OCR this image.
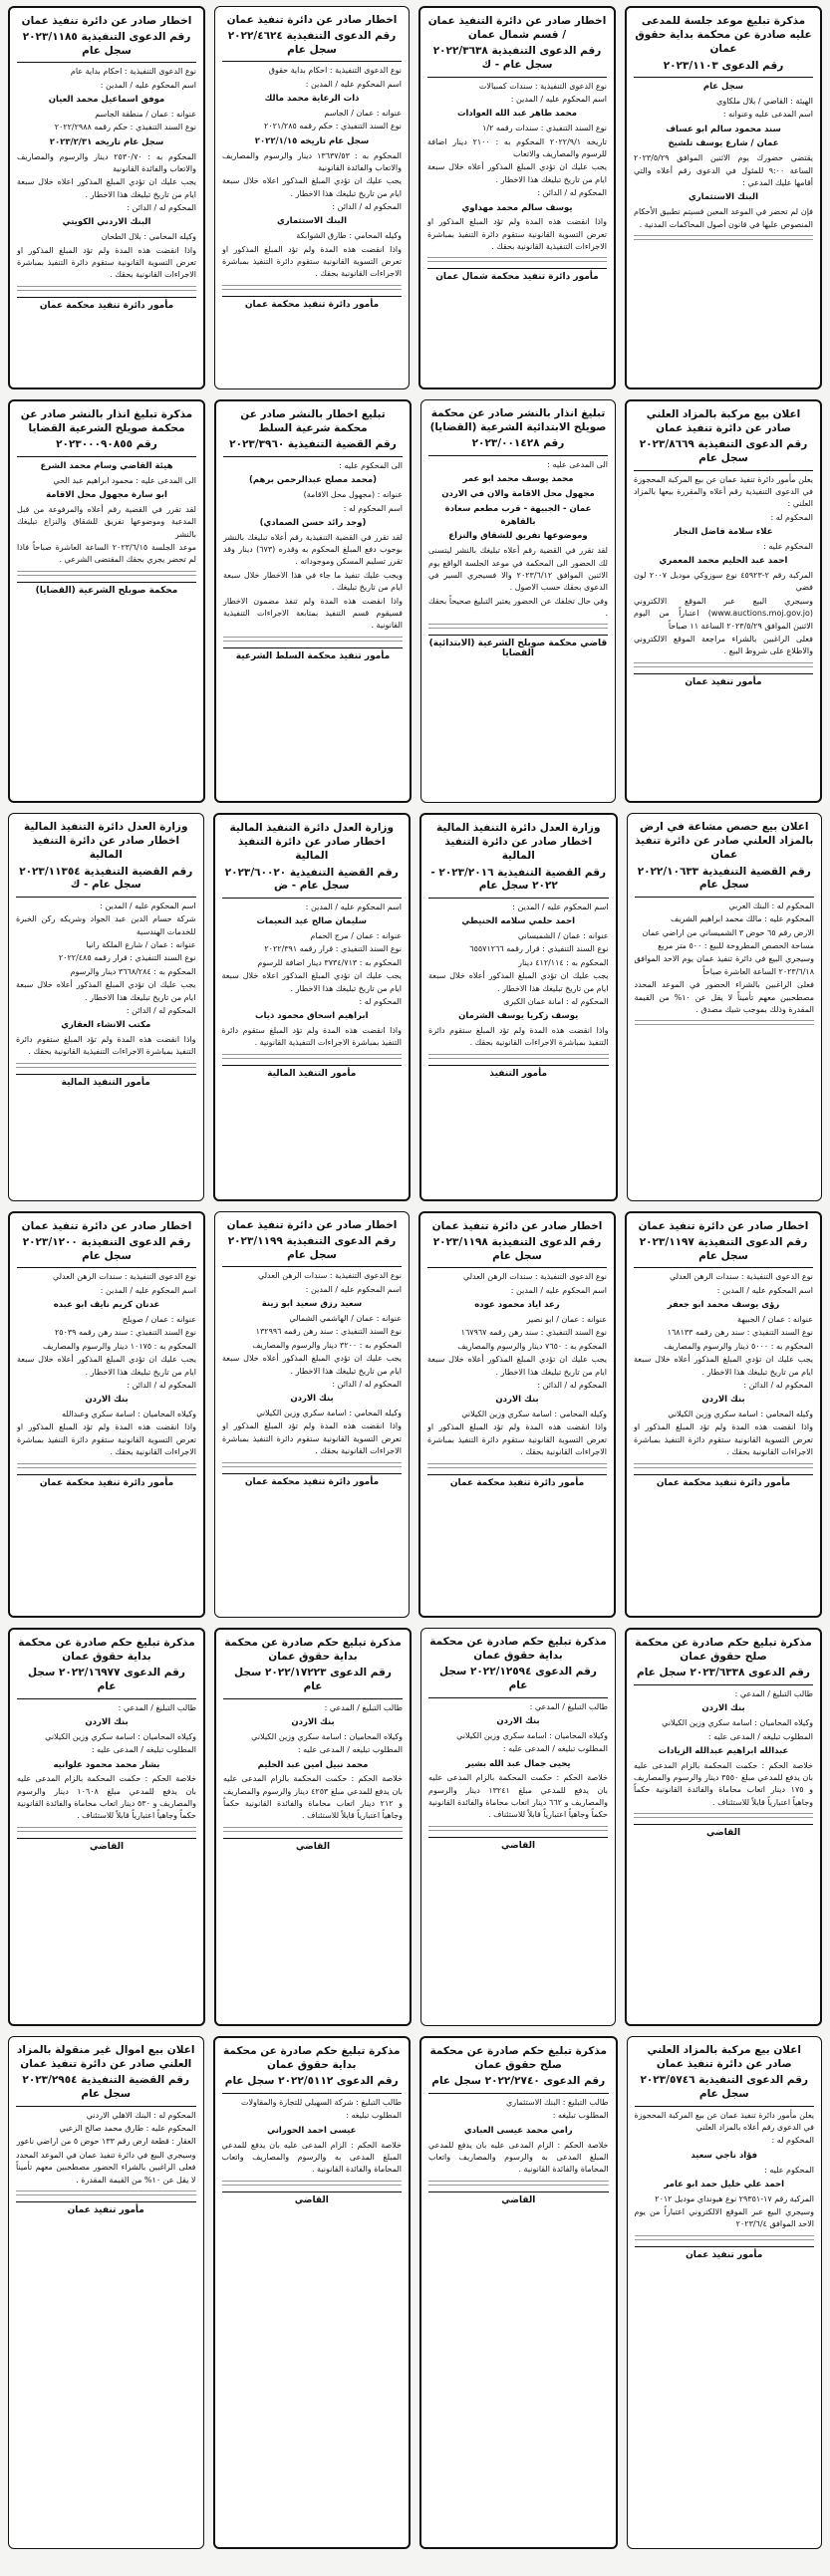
مذكرة تبليغ موعد جلسة للمدعى عليه صادرة عن محكمة بداية حقوق عمان
رقم الدعوى ٢٠٢٣/١١٠٣
سجل عام
الهيئة : القاضي / بلال ملكاوي
اسم المدعى عليه وعنوانه :
سند محمود سالم ابو عساف
عمان / شارع يوسف تلشيخ
يقتضي حضورك يوم الاثنين الموافق ٢٠٢٣/٥/٢٩ الساعة ٩:٠٠ للمثول في الدعوى رقم أعلاه والتي أقامها عليك المدعي :
البنك الاستثماري
فإن لم تحضر في الموعد المعين فسيتم تطبيق الأحكام المنصوص عليها في قانون أصول المحاكمات المدنية .
اخطار صادر عن دائرة التنفيذ عمان / قسم شمال عمان
رقم الدعوى التنفيذية ٢٠٢٢/٣٦٣٨ سجل عام - ك
نوع الدعوى التنفيذية : سندات كمبيالات
اسم المحكوم عليه / المدين :
محمد طاهر عبد الله العوادات
نوع السند التنفيذي : سندات رقمه ١/٢
تاريخه ٢٠٢٢/٩/١ المحكوم به : ٢١٠٠ دينار اضافة للرسوم والمصاريف والاتعاب
يجب عليك ان تؤدي المبلغ المذكور أعلاه خلال سبعة ايام من تاريخ تبليغك هذا الاخطار .
المحكوم له / الدائن :
يوسف سالم محمد مهداوي
واذا انقضت هذه المدة ولم تؤد المبلغ المذكور او تعرض التسوية القانونية ستقوم دائرة التنفيذ بمباشرة الاجراءات التنفيذية القانونية بحقك .
مأمور دائرة تنفيذ محكمة شمال عمان
اخطار صادر عن دائرة تنفيذ عمان
رقم الدعوى التنفيذية ٢٠٢٢/٤٦٢٤ سجل عام
نوع الدعوى التنفيذية : احكام بداية حقوق
اسم المحكوم عليه / المدين :
ذات الرعاية محمد مالك
عنوانه : عمان / الجاسم
نوع السند التنفيذي : حكم رقمه ٢٠٢١/٢٨٥
سجل عام تاريخه ٢٠٢٢/١/١٥
المحكوم به : ١٣٦٣٧/٥٣ دينار والرسوم والمصاريف والاتعاب والفائدة القانونية
يجب عليك ان تؤدي المبلغ المذكور اعلاه خلال سبعة ايام من تاريخ تبليغك هذا الاخطار .
المحكوم له / الدائن :
البنك الاستثماري
وكيله المحامي : طارق الشوابكة
واذا انقضت هذه المدة ولم تؤد المبلغ المذكور او تعرض التسوية القانونية ستقوم دائرة التنفيذ بمباشرة الاجراءات القانونية بحقك .
مأمور دائرة تنفيذ محكمة عمان
اخطار صادر عن دائرة تنفيذ عمان
رقم الدعوى التنفيذية ٢٠٢٣/١١٨٥ سجل عام
نوع الدعوى التنفيذية : احكام بداية عام
اسم المحكوم عليه / المدين :
موفق اسماعيل محمد العيان
عنوانه : عمان / منطقة الجاسم
نوع السند التنفيذي : حكم رقمه ٢٠٢٢/٢٩٨٨
سجل عام تاريخه ٢٠٢٣/٢/٣١
المحكوم به : ٢٥٣٠/٧٠ دينار والرسوم والمصاريف والاتعاب والفائدة القانونية
يجب عليك ان تؤدي المبلغ المذكور اعلاه خلال سبعة ايام من تاريخ تبليغك هذا الاخطار .
المحكوم له / الدائن :
البنك الاردني الكويتي
وكيله المحامي : بلال الطحان
واذا انقضت هذه المدة ولم تؤد المبلغ المذكور او تعرض التسوية القانونية ستقوم دائرة التنفيذ بمباشرة الاجراءات القانونية بحقك .
مأمور دائرة تنفيذ محكمة عمان
اعلان بيع مركبة بالمزاد العلني صادر عن دائرة تنفيذ عمان
رقم الدعوى التنفيذية ٢٠٢٣/٨٦٦٩ سجل عام
يعلن مأمور دائرة تنفيذ عمان عن بيع المركبة المحجوزة في الدعوى التنفيذية رقم أعلاه والمقررة بيعها بالمزاد العلني :
المحكوم له :
علاء سلامة فاضل النجار
المحكوم عليه :
احمد عبد الحليم محمد المعمري
المركبة رقم ٢-٤٥٩٢٣ نوع سوزوكي موديل ٢٠٠٧ لون فضي
وسيجري البيع عبر الموقع الالكتروني (www.auctions.moj.gov.jo) اعتباراً من اليوم الاثنين الموافق ٢٠٢٣/٥/٢٩ الساعة ١١ صباحاً
فعلى الراغبين بالشراء مراجعة الموقع الالكتروني والاطلاع على شروط البيع .
مأمور تنفيذ عمان
تبليغ انذار بالنشر صادر عن محكمة صويلح الابتدائية الشرعية (القضايا)
رقم ٢٠٢٣/٠٠١٤٢٨
الى المدعى عليه :
محمد يوسف محمد ابو عمر
مجهول محل الاقامة والان في الاردن
عمان - الجبيهة - قرب مطعم سعادة بالقاهرة
وموضوعها تفريق للشقاق والنزاع
لقد تقرر في القضية رقم أعلاه تبليغك بالنشر ليتسنى لك الحضور الى المحكمة في موعد الجلسة الواقع يوم الاثنين الموافق ٢٠٢٣/٦/١٢ والا فسيجري السير في الدعوى بحقك حسب الاصول .
وفي حال تخلفك عن الحضور يعتبر التبليغ صحيحاً بحقك .
قاضي محكمة صويلح الشرعية (الابتدائية) القضايا
تبليغ اخطار بالنشر صادر عن محكمة شرعية السلط
رقم القضية التنفيذية ٢٠٢٣/٣٩٦٠
الى المحكوم عليه :
(محمد مصلح عبدالرحمن برهم)
عنوانه : (مجهول محل الاقامة)
اسم المحكوم له :
(وجد رائد حسن الصمادي)
لقد تقرر في القضية التنفيذية رقم أعلاه تبليغك بالنشر بوجوب دفع المبلغ المحكوم به وقدره (٦٧٣) دينار وقد تقرر تسليم المسكن وموجوداته .
ويجب عليك تنفيذ ما جاء في هذا الاخطار خلال سبعة ايام من تاريخ تبليغك .
واذا انقضت هذه المدة ولم تنفذ مضمون الاخطار فسيقوم قسم التنفيذ بمتابعة الاجراءات التنفيذية القانونية .
مأمور تنفيذ محكمة السلط الشرعية
مذكرة تبليغ انذار بالنشر صادر عن محكمة صويلح الشرعية القضايا
رقم ٢٠٢٣٠٠٠٩٠٨٥٥
هيئة القاضي وسام محمد الشرع
الى المدعى عليه : محمود ابراهيم عبد الحي
ابو سارة مجهول محل الاقامة
لقد تقرر في القضية رقم أعلاه والمرفوعة من قبل المدعية وموضوعها تفريق للشقاق والنزاع تبليغك بالنشر
موعد الجلسة ٢٠٢٣/٦/١٥ الساعة العاشرة صباحاً فاذا لم تحضر يجري بحقك المقتضى الشرعي .
محكمة صويلح الشرعية (القضايا)
اعلان بيع حصص مشاعة في ارض بالمزاد العلني صادر عن دائرة تنفيذ عمان
رقم القضية التنفيذية ٢٠٢٢/١٠٦٣٣ سجل عام
المحكوم له : البنك العربي
المحكوم عليه : مالك محمد ابراهيم الشريف
الارض رقم ٦٥ حوض ٣ الشميساني من اراضي عمان
مساحة الحصص المطروحة للبيع : ٥٠٠ متر مربع
وسيجري البيع في دائرة تنفيذ عمان يوم الاحد الموافق ٢٠٢٣/٦/١٨ الساعة العاشرة صباحاً
فعلى الراغبين بالشراء الحضور في الموعد المحدد مصطحبين معهم تأميناً لا يقل عن ١٠% من القيمة المقدرة وذلك بموجب شيك مصدق .
وزارة العدل دائرة التنفيذ المالية اخطار صادر عن دائرة التنفيذ المالية
رقم القضية التنفيذية ٢٠٢٣/٢٠١٦ - ٢٠٢٢ سجل عام
اسم المحكوم عليه / المدين :
احمد حلمي سلامه الحنيطي
عنوانه : عمان / الشميساني
نوع السند التنفيذي : قرار رقمه ٦٥٥٧١٢٦٦
المحكوم به : ٤١٢/١١٤ دينار
يجب عليك ان تؤدي المبلغ المذكور أعلاه خلال سبعة ايام من تاريخ تبليغك هذا الاخطار .
المحكوم له : امانة عمان الكبرى
يوسف زكريا يوسف الشرمان
واذا انقضت هذه المدة ولم تؤد المبلغ ستقوم دائرة التنفيذ بمباشرة الاجراءات القانونية بحقك .
مأمور التنفيذ
وزارة العدل دائرة التنفيذ المالية اخطار صادر عن دائرة التنفيذ المالية
رقم القضية التنفيذية ٢٠٢٣/٦٠٠٢٠ سجل عام - ض
اسم المحكوم عليه / المدين :
سليمان صالح عيد النعيمات
عنوانه : عمان / مرج الحمام
نوع السند التنفيذي : قرار رقمه ٢٠٢٢/٣٩١
المحكوم به : ٣٧٣٤/٧١٣ دينار اضافة للرسوم
يجب عليك ان تؤدي المبلغ المذكور اعلاه خلال سبعة ايام من تاريخ تبليغك هذا الاخطار .
المحكوم له :
ابراهيم اسحاق محمود ذياب
واذا انقضت هذه المدة ولم تؤد المبلغ ستقوم دائرة التنفيذ بمباشرة الاجراءات التنفيذية القانونية .
مأمور التنفيذ المالية
وزارة العدل دائرة التنفيذ المالية اخطار صادر عن دائرة التنفيذ المالية
رقم القضية التنفيذية ٢٠٢٣/١١٣٥٤ سجل عام - ك
اسم المحكوم عليه / المدين :
شركة حسام الدين عبد الجواد وشريكه ركن الخبرة للخدمات الهندسية
عنوانه : عمان / شارع الملكة رانيا
نوع السند التنفيذي : قرار رقمه ٢٠٢٢/٤٨٥
المحكوم به : ٣٦٦٨/٢٨٤ دينار والرسوم
يجب عليك ان تؤدي المبلغ المذكور أعلاه خلال سبعة ايام من تاريخ تبليغك هذا الاخطار .
المحكوم له / الدائن :
مكتب الانشاء العقاري
واذا انقضت هذه المدة ولم تؤد المبلغ ستقوم دائرة التنفيذ بمباشرة الاجراءات التنفيذية القانونية بحقك .
مأمور التنفيذ المالية
اخطار صادر عن دائرة تنفيذ عمان
رقم الدعوى التنفيذية ٢٠٢٣/١١٩٧ سجل عام
نوع الدعوى التنفيذية : سندات الرهن العدلي
اسم المحكوم عليه / المدين :
رؤى يوسف محمد ابو جعفر
عنوانه : عمان / الجبيهة
نوع السند التنفيذي : سند رهن رقمه ١٦٨١٣٣
المحكوم به : ٥٠٠٠ دينار والرسوم والمصاريف
يجب عليك ان تؤدي المبلغ المذكور أعلاه خلال سبعة ايام من تاريخ تبليغك هذا الاخطار .
المحكوم له / الدائن :
بنك الاردن
وكيله المحامي : اسامة سكري وزين الكيلاني
واذا انقضت هذه المدة ولم تؤد المبلغ المذكور او تعرض التسوية القانونية ستقوم دائرة التنفيذ بمباشرة الاجراءات القانونية بحقك .
مأمور دائرة تنفيذ محكمة عمان
اخطار صادر عن دائرة تنفيذ عمان
رقم الدعوى التنفيذية ٢٠٢٣/١١٩٨ سجل عام
نوع الدعوى التنفيذية : سندات الرهن العدلي
اسم المحكوم عليه / المدين :
رعد اياد محمود عوده
عنوانه : عمان / ابو نصير
نوع السند التنفيذي : سند رهن رقمه ١٦٧٩٦٧
المحكوم به : ٧٦٥٠ دينار والرسوم والمصاريف
يجب عليك ان تؤدي المبلغ المذكور أعلاه خلال سبعة ايام من تاريخ تبليغك هذا الاخطار .
المحكوم له / الدائن :
بنك الاردن
وكيله المحامي : اسامة سكري وزين الكيلاني
واذا انقضت هذه المدة ولم تؤد المبلغ المذكور او تعرض التسوية القانونية ستقوم دائرة التنفيذ بمباشرة الاجراءات القانونية بحقك .
مأمور دائرة تنفيذ محكمة عمان
اخطار صادر عن دائرة تنفيذ عمان
رقم الدعوى التنفيذية ٢٠٢٣/١١٩٩ سجل عام
نوع الدعوى التنفيذية : سندات الرهن العدلي
اسم المحكوم عليه / المدين :
سعيد رزق سعيد ابو زينة
عنوانه : عمان / الهاشمي الشمالي
نوع السند التنفيذي : سند رهن رقمه ١٣٢٩٩٦
المحكوم به : ٣٢٠٠ دينار والرسوم والمصاريف
يجب عليك ان تؤدي المبلغ المذكور أعلاه خلال سبعة ايام من تاريخ تبليغك هذا الاخطار .
المحكوم له / الدائن :
بنك الاردن
وكيله المحامي : اسامة سكري وزين الكيلاني
واذا انقضت هذه المدة ولم تؤد المبلغ المذكور او تعرض التسوية القانونية ستقوم دائرة التنفيذ بمباشرة الاجراءات القانونية بحقك .
مأمور دائرة تنفيذ محكمة عمان
اخطار صادر عن دائرة تنفيذ عمان
رقم الدعوى التنفيذية ٢٠٢٣/١٢٠٠ سجل عام
نوع الدعوى التنفيذية : سندات الرهن العدلي
اسم المحكوم عليه / المدين :
عدنان كريم نايف ابو عبده
عنوانه : عمان / صويلح
نوع السند التنفيذي : سند رهن رقمه ٢٥٠٣٩
المحكوم به : ١٠١٧٥ دينار والرسوم والمصاريف
يجب عليك ان تؤدي المبلغ المذكور أعلاه خلال سبعة ايام من تاريخ تبليغك هذا الاخطار .
المحكوم له / الدائن :
بنك الاردن
وكيلاه المحاميان : اسامة سكري وعبدالله
واذا انقضت هذه المدة ولم تؤد المبلغ المذكور او تعرض التسوية القانونية ستقوم دائرة التنفيذ بمباشرة الاجراءات القانونية بحقك .
مأمور دائرة تنفيذ محكمة عمان
مذكرة تبليغ حكم صادرة عن محكمة صلح حقوق عمان
رقم الدعوى ٢٠٢٣/٦٣٣٨ سجل عام
طالب التبليغ / المدعي :
بنك الاردن
وكيلاه المحاميان : اسامة سكري وزين الكيلاني
المطلوب تبليغه / المدعى عليه :
عبدالله ابراهيم عبدالله الزيادات
خلاصة الحكم : حكمت المحكمة بالزام المدعى عليه بان يدفع للمدعي مبلغ ٣٥٥٠ دينار والرسوم والمصاريف و ١٧٥ دينار اتعاب محاماة والفائدة القانونية حكماً وجاهياً اعتبارياً قابلاً للاستئناف .
القاضي
مذكرة تبليغ حكم صادرة عن محكمة بداية حقوق عمان
رقم الدعوى ٢٠٢٢/١٢٥٩٤ سجل عام
طالب التبليغ / المدعي :
بنك الاردن
وكيلاه المحاميان : اسامة سكري وزين الكيلاني
المطلوب تبليغه / المدعى عليه :
يحيى جمال عبد الله بشير
خلاصة الحكم : حكمت المحكمة بالزام المدعى عليه بان يدفع للمدعي مبلغ ١٣٢٤١ دينار والرسوم والمصاريف و ٦٦٢ دينار اتعاب محاماة والفائدة القانونية حكماً وجاهياً اعتبارياً قابلاً للاستئناف .
القاضي
مذكرة تبليغ حكم صادرة عن محكمة بداية حقوق عمان
رقم الدعوى ٢٠٢٢/١٧٢٢٣ سجل عام
طالب التبليغ / المدعي :
بنك الاردن
وكيلاه المحاميان : اسامة سكري وزين الكيلاني
المطلوب تبليغه / المدعى عليه :
محمد نبيل امين عبد الحليم
خلاصة الحكم : حكمت المحكمة بالزام المدعى عليه بان يدفع للمدعي مبلغ ٤٢٥٣ دينار والرسوم والمصاريف و ٢١٢ دينار اتعاب محاماة والفائدة القانونية حكماً وجاهياً اعتبارياً قابلاً للاستئناف .
القاضي
مذكرة تبليغ حكم صادرة عن محكمة بداية حقوق عمان
رقم الدعوى ٢٠٢٢/١٦٩٧٧ سجل عام
طالب التبليغ / المدعي :
بنك الاردن
وكيلاه المحاميان : اسامة سكري وزين الكيلاني
المطلوب تبليغه / المدعى عليه :
بشار محمد محمود علوانيه
خلاصة الحكم : حكمت المحكمة بالزام المدعى عليه بان يدفع للمدعي مبلغ ١٠٦٠٨ دينار والرسوم والمصاريف و ٥٣٠ دينار اتعاب محاماة والفائدة القانونية حكماً وجاهياً اعتبارياً قابلاً للاستئناف .
القاضي
اعلان بيع مركبة بالمزاد العلني صادر عن دائرة تنفيذ عمان
رقم الدعوى التنفيذية ٢٠٢٣/٥٧٤٦ سجل عام
يعلن مأمور دائرة تنفيذ عمان عن بيع المركبة المحجوزة في الدعوى رقم أعلاه بالمزاد العلني
المحكوم له :
فؤاد ناجي سعيد
المحكوم عليه :
احمد علي خليل حمد ابو عامر
المركبة رقم ١٧-٢٩٣٥١ نوع هيونداي موديل ٢٠١٢
وسيجري البيع عبر الموقع الالكتروني اعتباراً من يوم الاحد الموافق ٢٠٢٣/٦/٤
مأمور تنفيذ عمان
مذكرة تبليغ حكم صادرة عن محكمة صلح حقوق عمان
رقم الدعوى ٢٠٢٢/٢٧٤٠ سجل عام
طالب التبليغ : البنك الاستثماري
المطلوب تبليغه :
رامي محمد عيسى العبادي
خلاصة الحكم : الزام المدعى عليه بان يدفع للمدعي المبلغ المدعى به والرسوم والمصاريف واتعاب المحاماة والفائدة القانونية .
القاضي
مذكرة تبليغ حكم صادرة عن محكمة بداية حقوق عمان
رقم الدعوى ٢٠٢٢/٥١١٢ سجل عام
طالب التبليغ : شركة السهيلي للتجارة والمقاولات
المطلوب تبليغه :
عيسى احمد الحوراني
خلاصة الحكم : الزام المدعى عليه بان يدفع للمدعي المبلغ المدعى به والرسوم والمصاريف واتعاب المحاماة والفائدة القانونية .
القاضي
اعلان بيع اموال غير منقولة بالمزاد العلني صادر عن دائرة تنفيذ عمان
رقم القضية التنفيذية ٢٠٢٣/٢٩٥٤ سجل عام
المحكوم له : البنك الاهلي الاردني
المحكوم عليه : طارق محمد صالح الزعبي
العقار : قطعة ارض رقم ١٣٣ حوض ٥ من اراضي ناعور
وسيجري البيع في دائرة تنفيذ عمان في الموعد المحدد فعلى الراغبين بالشراء الحضور مصطحبين معهم تأميناً لا يقل عن ١٠% من القيمة المقدرة .
مأمور تنفيذ عمان
